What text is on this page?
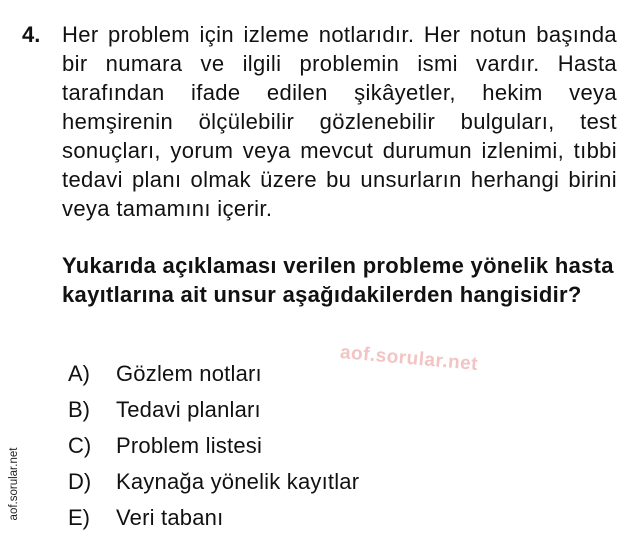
4. Her problem için izleme notlarıdır. Her notun başında bir numara ve ilgili problemin ismi vardır. Hasta tarafından ifade edilen şikâyetler, hekim veya hemşirenin ölçülebilir gözlenebilir bulguları, test sonuçları, yorum veya mevcut durumun izlenimi, tıbbi tedavi planı olmak üzere bu unsurların herhangi birini veya tamamını içerir.

Yukarıda açıklaması verilen probleme yönelik hasta kayıtlarına ait unsur aşağıdakilerden hangisidir?

aof.sorular.net
A) Gözlem notları
B) Tedavi planları
C) Problem listesi
D) Kaynağa yönelik kayıtlar
E) Veri tabanı
aof.sorular.net
